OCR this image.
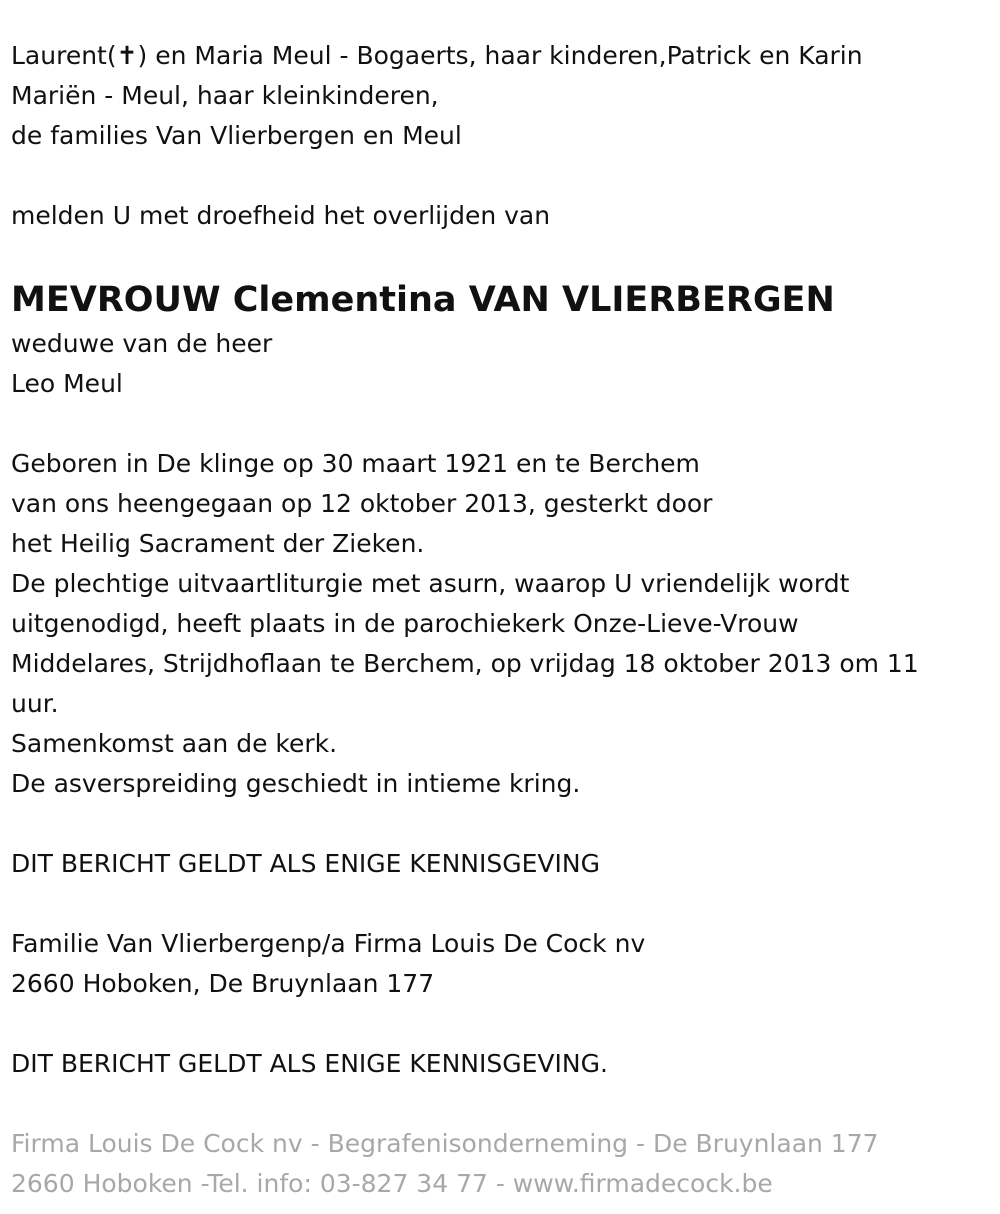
Laurent(✝) en Maria Meul - Bogaerts, haar kinderen,Patrick en Karin
Mariën - Meul, haar kleinkinderen,
de families Van Vlierbergen en Meul
melden U met droefheid het overlijden van
MEVROUW Clementina VAN VLIERBERGEN
weduwe van de heer
Leo Meul
Geboren in De klinge op 30 maart 1921 en te Berchem
van ons heengegaan op 12 oktober 2013, gesterkt door
het Heilig Sacrament der Zieken.
De plechtige uitvaartliturgie met asurn, waarop U vriendelijk wordt
uitgenodigd, heeft plaats in de parochiekerk Onze-Lieve-Vrouw
Middelares, Strijdhoflaan te Berchem, op vrijdag 18 oktober 2013 om 11
uur.
Samenkomst aan de kerk.
De asverspreiding geschiedt in intieme kring.
DIT BERICHT GELDT ALS ENIGE KENNISGEVING
Familie Van Vlierbergenp/a Firma Louis De Cock nv
2660 Hoboken, De Bruynlaan 177
DIT BERICHT GELDT ALS ENIGE KENNISGEVING.
Firma Louis De Cock nv - Begrafenisonderneming - De Bruynlaan 177
2660 Hoboken -Tel. info: 03-827 34 77 - www.firmadecock.be
